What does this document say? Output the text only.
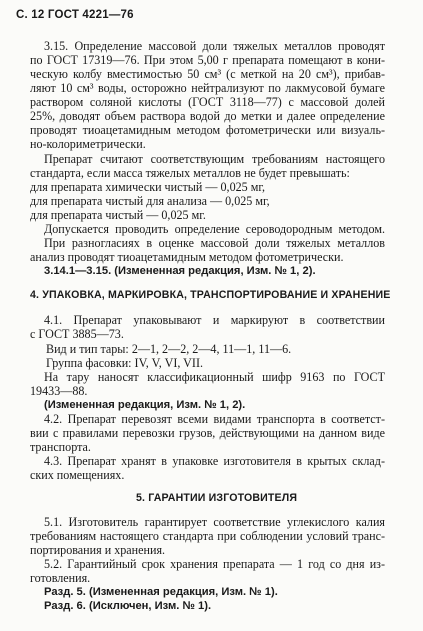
С. 12 ГОСТ 4221—76
3.15. Определение массовой доли тяжелых металлов проводят
по ГОСТ 17319—76. При этом 5,00 г препарата помещают в кони-
ческую колбу вместимостью 50 см³ (с меткой на 20 см³), прибав-
ляют 10 см³ воды, осторожно нейтрализуют по лакмусовой бумаге
раствором соляной кислоты (ГОСТ 3118—77) с массовой долей
25%, доводят объем раствора водой до метки и далее определение
проводят тиоацетамидным методом фотометрически или визуаль-
но-колориметрически.
Препарат считают соответствующим требованиям настоящего
стандарта, если масса тяжелых металлов не будет превышать:
для препарата химически чистый — 0,025 мг,
для препарата чистый для анализа — 0,025 мг,
для препарата чистый — 0,025 мг.
Допускается проводить определение сероводородным методом.
При разногласиях в оценке массовой доли тяжелых металлов
анализ проводят тиоацетамидным методом фотометрически.
3.14.1—3.15. (Измененная редакция, Изм. № 1, 2).
4. УПАКОВКА, МАРКИРОВКА, ТРАНСПОРТИРОВАНИЕ И ХРАНЕНИЕ
4.1. Препарат упаковывают и маркируют в соответствии
с ГОСТ 3885—73.
Вид и тип тары: 2—1, 2—2, 2—4, 11—1, 11—6.
Группа фасовки: IV, V, VI, VII.
На тару наносят классификационный шифр 9163 по ГОСТ
19433—88.
(Измененная редакция, Изм. № 1, 2).
4.2. Препарат перевозят всеми видами транспорта в соответст-
вии с правилами перевозки грузов, действующими на данном виде
транспорта.
4.3. Препарат хранят в упаковке изготовителя в крытых склад-
ских помещениях.
5. ГАРАНТИИ ИЗГОТОВИТЕЛЯ
5.1. Изготовитель гарантирует соответствие углекислого калия
требованиям настоящего стандарта при соблюдении условий транс-
портирования и хранения.
5.2. Гарантийный срок хранения препарата — 1 год со дня из-
готовления.
Разд. 5. (Измененная редакция, Изм. № 1).
Разд. 6. (Исключен, Изм. № 1).
